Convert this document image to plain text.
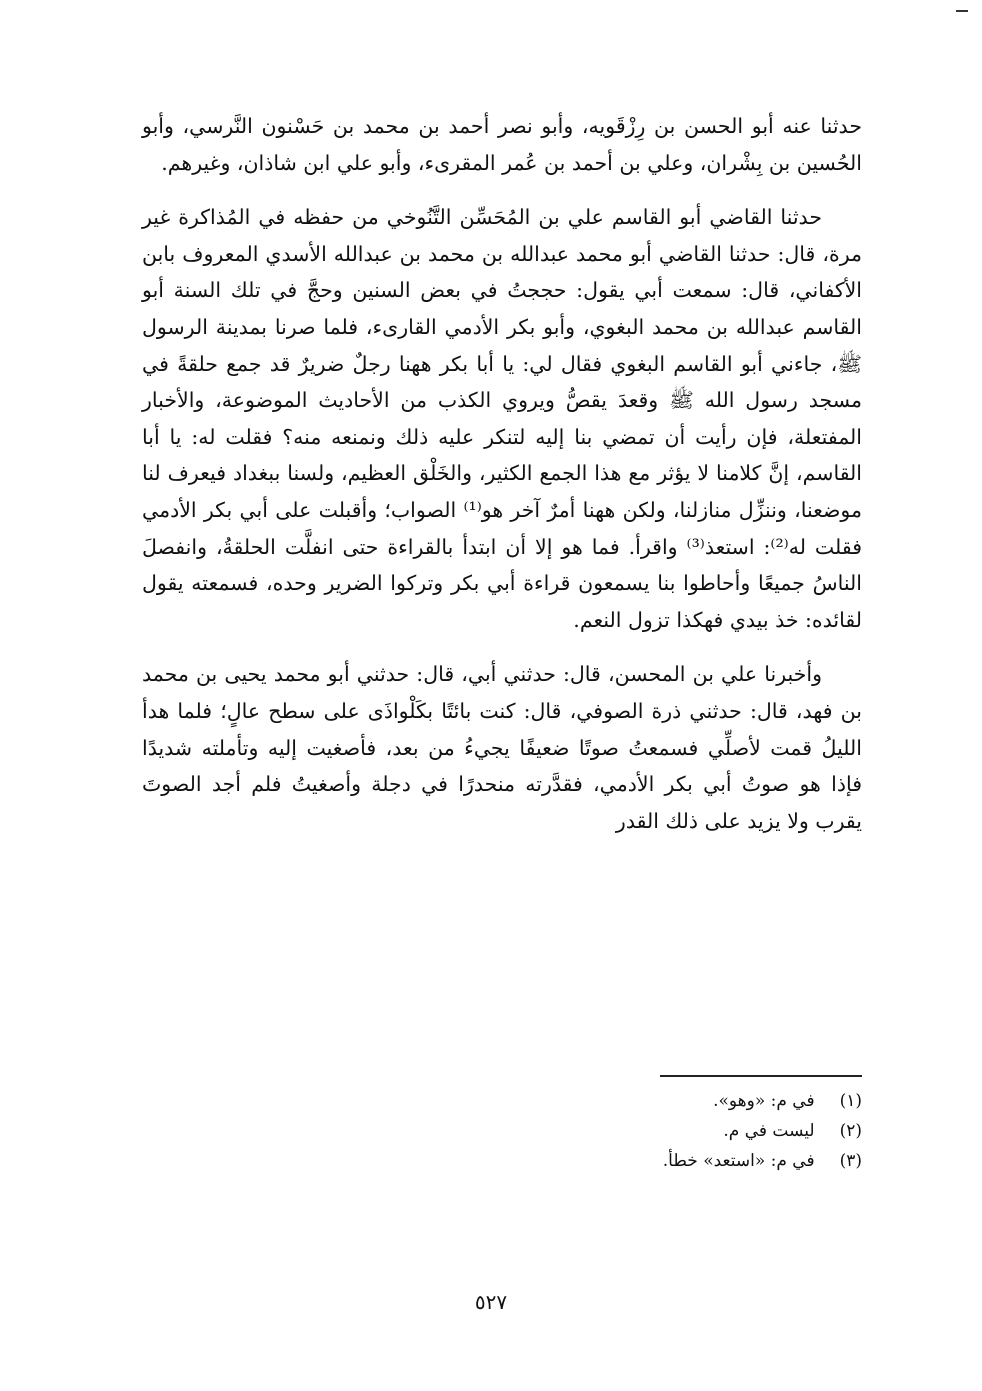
حدثنا عنه أبو الحسن بن رِزْقَويه، وأبو نصر أحمد بن محمد بن حَسْنون النَّرسي، وأبو الحُسين بن بِشْران، وعلي بن أحمد بن عُمر المقرىء، وأبو علي ابن شاذان، وغيرهم.

حدثنا القاضي أبو القاسم علي بن المُحَسِّن التَّنُوخي من حفظه في المُذاكرة غير مرة، قال: حدثنا القاضي أبو محمد عبدالله بن محمد بن عبدالله الأسدي المعروف بابن الأكفاني، قال: سمعت أبي يقول: حججتُ في بعض السنين وحجَّ في تلك السنة أبو القاسم عبدالله بن محمد البغوي، وأبو بكر الأدمي القارىء، فلما صرنا بمدينة الرسول ﷺ، جاءني أبو القاسم البغوي فقال لي: يا أبا بكر ههنا رجلٌ ضريرٌ قد جمع حلقةً في مسجد رسول الله ﷺ وقعدَ يقصُّ ويروي الكذب من الأحاديث الموضوعة، والأخبار المفتعلة، فإن رأيت أن تمضي بنا إليه لتنكر عليه ذلك ونمنعه منه؟ فقلت له: يا أبا القاسم، إنَّ كلامنا لا يؤثر مع هذا الجمع الكثير، والخَلْق العظيم، ولسنا ببغداد فيعرف لنا موضعنا، وننزِّل منازلنا، ولكن ههنا أمرٌ آخر هو⁽¹⁾ الصواب؛ وأقبلت على أبي بكر الأدمي فقلت له⁽²⁾: استعذ⁽³⁾ واقرأ. فما هو إلا أن ابتدأ بالقراءة حتى انفلَّت الحلقةُ، وانفصلَ الناسُ جميعًا وأحاطوا بنا يسمعون قراءة أبي بكر وتركوا الضرير وحده، فسمعته يقول لقائده: خذ بيدي فهكذا تزول النعم.

وأخبرنا علي بن المحسن، قال: حدثني أبي، قال: حدثني أبو محمد يحيى بن محمد بن فهد، قال: حدثني ذرة الصوفي، قال: كنت بائتًا بكَلْواذَى على سطح عالٍ؛ فلما هدأ الليلُ قمت لأصلِّي فسمعتُ صوتًا ضعيفًا يجيءُ من بعد، فأصغيت إليه وتأملته شديدًا فإذا هو صوتُ أبي بكر الأدمي، فقدَّرته منحدرًا في دجلة وأصغيتُ فلم أجد الصوتَ يقرب ولا يزيد على ذلك القدر

(١) في م: «وهو».
(٢) ليست في م.
(٣) في م: «استعد» خطأ.
٥٢٧
